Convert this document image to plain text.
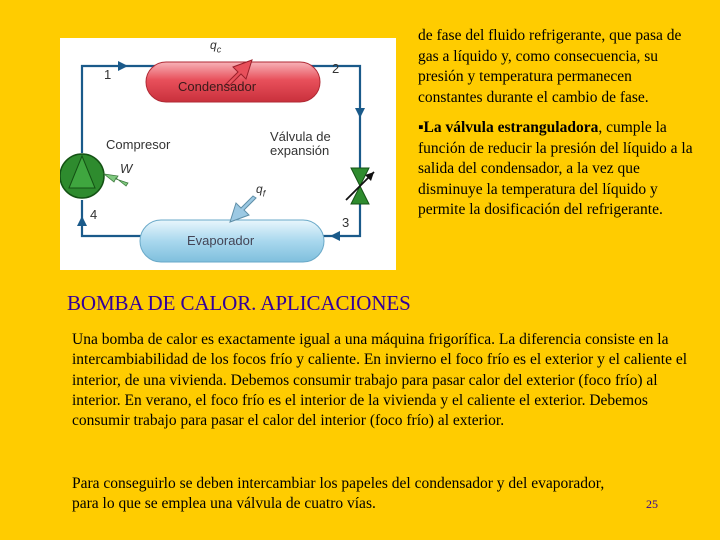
$q_c$
1	2
Condensador
Compresor
W
Válvula de
expansión
$q_f$
4
3
Evaporador

de fase del fluido refrigerante, que pasa de gas a líquido y, como consecuencia, su presión y temperatura permanecen constantes durante el cambio de fase.

▪La válvula estranguladora, cumple la función de reducir la presión del líquido a la salida del condensador, a la vez que disminuye la temperatura del líquido y permite la dosificación del refrigerante.

BOMBA DE CALOR. APLICACIONES

Una bomba de calor es exactamente igual a una máquina frigorífica. La diferencia consiste en la intercambiabilidad de los focos frío y caliente. En invierno el foco frío es el exterior y el caliente el interior, de una vivienda. Debemos consumir trabajo para pasar calor del exterior (foco frío) al interior. En verano, el foco frío es el interior de la vivienda y el caliente el exterior. Debemos consumir trabajo para pasar el calor del interior (foco frío) al exterior.

Para conseguirlo se deben intercambiar los papeles del condensador y del evaporador, para lo que se emplea una válvula de cuatro vías.	25
